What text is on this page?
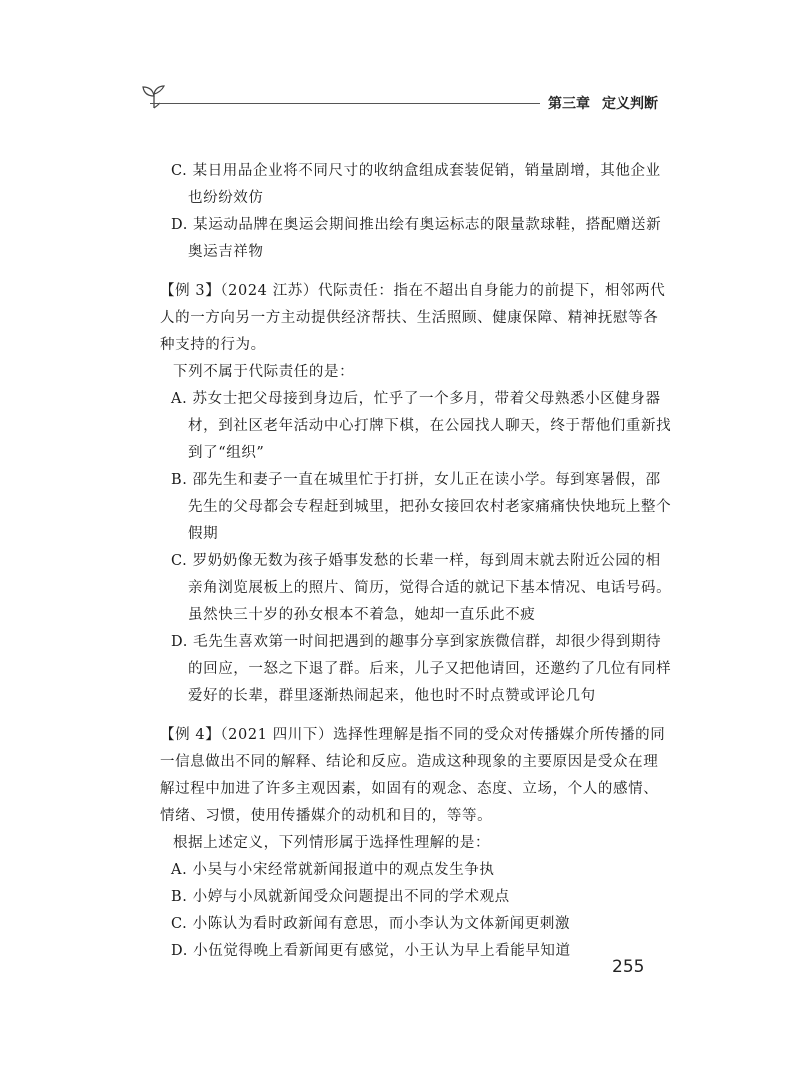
第三章 定义判断
C. 某日用品企业将不同尺寸的收纳盒组成套装促销，销量剧增，其他企业也纷纷效仿
D. 某运动品牌在奥运会期间推出绘有奥运标志的限量款球鞋，搭配赠送新奥运吉祥物
【例 3】（2024 江苏）代际责任：指在不超出自身能力的前提下，相邻两代人的一方向另一方主动提供经济帮扶、生活照顾、健康保障、精神抚慰等各种支持的行为。
下列不属于代际责任的是：
A. 苏女士把父母接到身边后，忙乎了一个多月，带着父母熟悉小区健身器材，到社区老年活动中心打牌下棋，在公园找人聊天，终于帮他们重新找到了“组织”
B. 邵先生和妻子一直在城里忙于打拼，女儿正在读小学。每到寒暑假，邵先生的父母都会专程赶到城里，把孙女接回农村老家痛痛快快地玩上整个假期
C. 罗奶奶像无数为孩子婚事发愁的长辈一样，每到周末就去附近公园的相亲角浏览展板上的照片、简历，觉得合适的就记下基本情况、电话号码。虽然快三十岁的孙女根本不着急，她却一直乐此不疲
D. 毛先生喜欢第一时间把遇到的趣事分享到家族微信群，却很少得到期待的回应，一怒之下退了群。后来，儿子又把他请回，还邀约了几位有同样爱好的长辈，群里逐渐热闹起来，他也时不时点赞或评论几句
【例 4】（2021 四川下）选择性理解是指不同的受众对传播媒介所传播的同一信息做出不同的解释、结论和反应。造成这种现象的主要原因是受众在理解过程中加进了许多主观因素，如固有的观念、态度、立场，个人的感情、情绪、习惯，使用传播媒介的动机和目的，等等。
根据上述定义，下列情形属于选择性理解的是：
A. 小吴与小宋经常就新闻报道中的观点发生争执
B. 小婷与小凤就新闻受众问题提出不同的学术观点
C. 小陈认为看时政新闻有意思，而小李认为文体新闻更刺激
D. 小伍觉得晚上看新闻更有感觉，小王认为早上看能早知道
255
